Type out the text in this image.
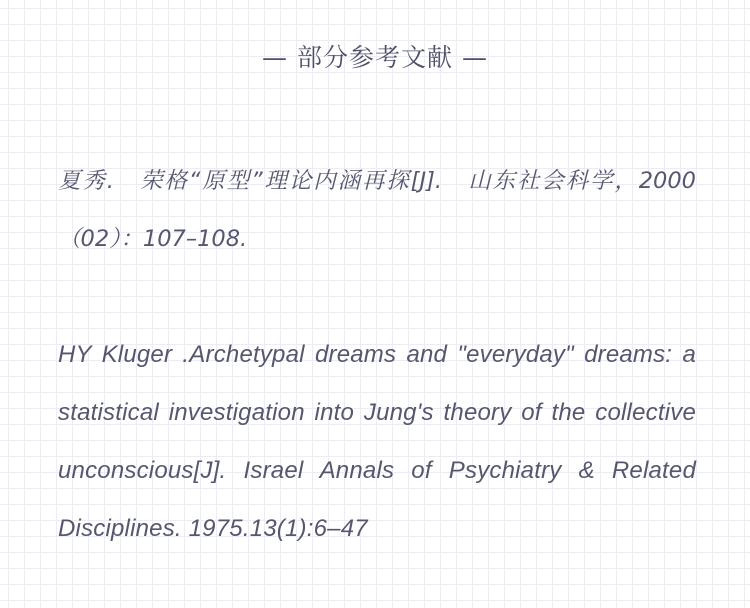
— 部分参考文献 —

夏秀.　荣格“原型”理论内涵再探[J].　山东社会科学，2000（02）：107–108.

HY Kluger .Archetypal dreams and "everyday" dreams: a statistical investigation into Jung's theory of the collective unconscious[J]. Israel Annals of Psychiatry & Related Disciplines. 1975.13(1):6–47
